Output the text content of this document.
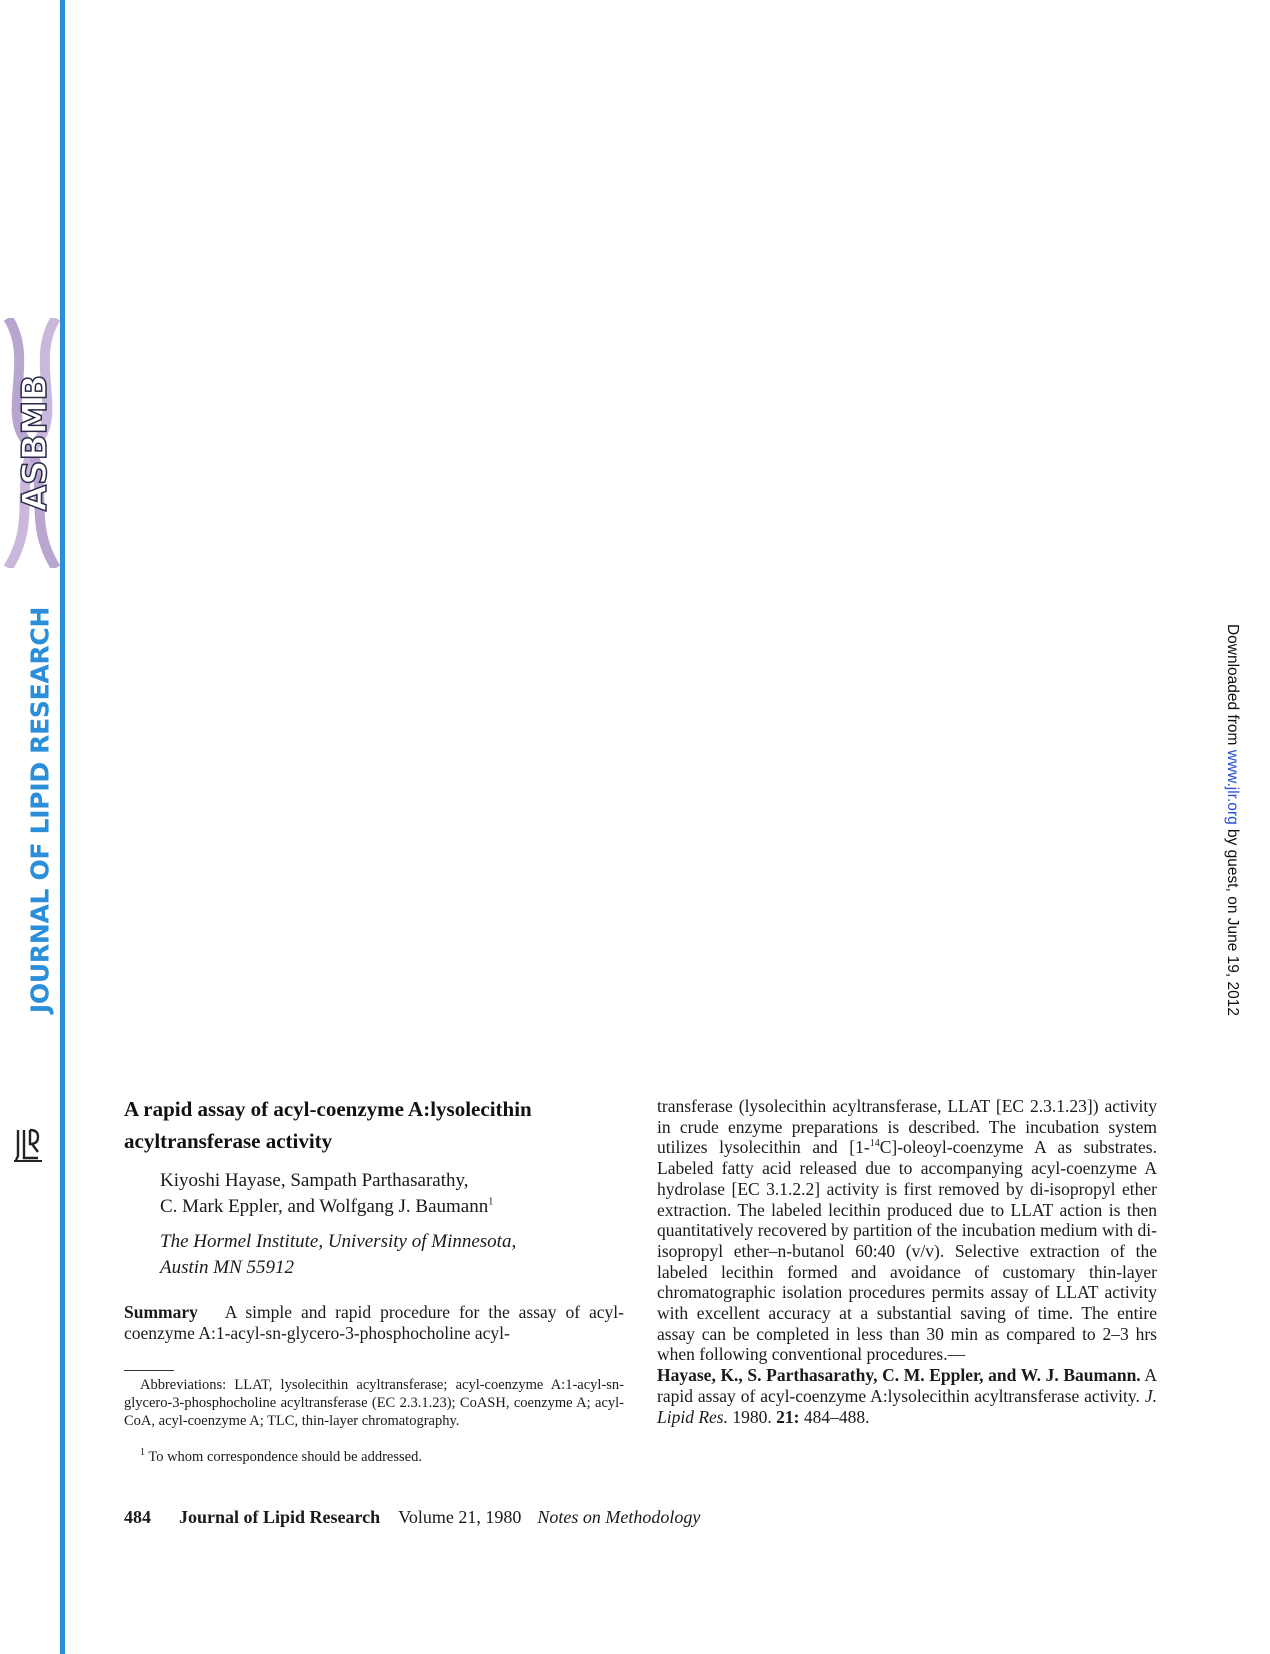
ASBMB
JOURNAL OF LIPID RESEARCH	Downloaded from www.jlr.org by guest, on June 19, 2012
A rapid assay of acyl-coenzyme A:lysolecithin acyltransferase activity
Kiyoshi Hayase, Sampath Parthasarathy,
C. Mark Eppler, and Wolfgang J. Baumann$^1$
The Hormel Institute, University of Minnesota,
Austin MN 55912
Summary A simple and rapid procedure for the assay of acyl-coenzyme A:1-acyl-sn-glycero-3-phosphocholine acyl-
Abbreviations: LLAT, lysolecithin acyltransferase; acyl-coenzyme A:1-acyl-sn-glycero-3-phosphocholine acyltransferase (EC 2.3.1.23); CoASH, coenzyme A; acyl-CoA, acyl-coenzyme A; TLC, thin-layer chromatography.
$^1$ To whom correspondence should be addressed.
transferase (lysolecithin acyltransferase, LLAT [EC 2.3.1.23]) activity in crude enzyme preparations is described. The incubation system utilizes lysolecithin and [1-$^{14}$C]-oleoyl-coenzyme A as substrates. Labeled fatty acid released due to accompanying acyl-coenzyme A hydrolase [EC 3.1.2.2] activity is first removed by di-isopropyl ether extraction. The labeled lecithin produced due to LLAT action is then quantitatively recovered by partition of the incubation medium with di-isopropyl ether–n-butanol 60:40 (v/v). Selective extraction of the labeled lecithin formed and avoidance of customary thin-layer chromatographic isolation procedures permits assay of LLAT activity with excellent accuracy at a substantial saving of time. The entire assay can be completed in less than 30 min as compared to 2–3 hrs when following conventional procedures.—
Hayase, K., S. Parthasarathy, C. M. Eppler, and W. J. Baumann. A rapid assay of acyl-coenzyme A:lysolecithin acyltransferase activity. J. Lipid Res. 1980. 21: 484–488.
484 Journal of Lipid Research Volume 21, 1980 Notes on Methodology
